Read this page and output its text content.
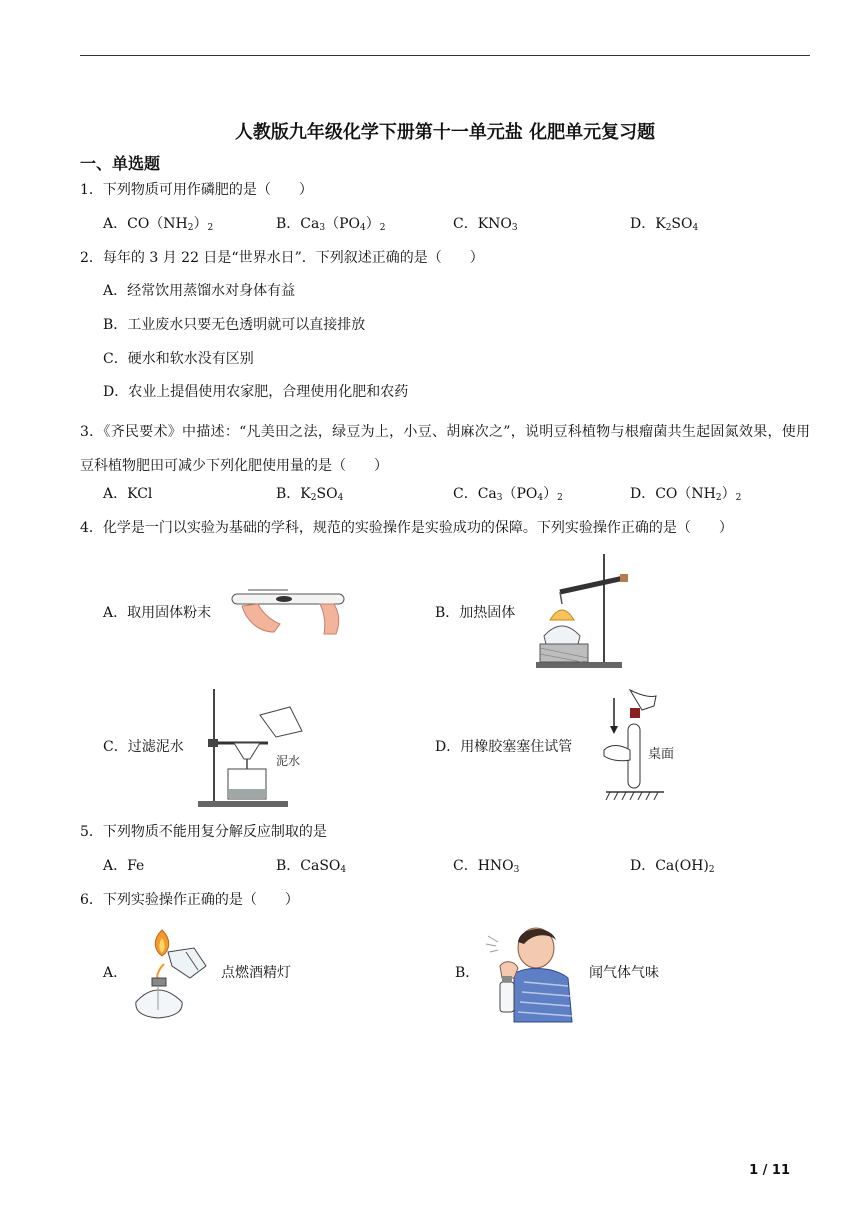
人教版九年级化学下册第十一单元盐 化肥单元复习题
一、单选题
1．下列物质可用作磷肥的是（　　）
A．$CO(NH_2)_2$	B．$Ca_3(PO_4)_2$	C．$KNO_3$	D．$K_2SO_4$
2．每年的 3 月 22 日是“世界水日”．下列叙述正确的是（　　）
A．经常饮用蒸馏水对身体有益
B．工业废水只要无色透明就可以直接排放
C．硬水和软水没有区别
D．农业上提倡使用农家肥，合理使用化肥和农药
3．《齐民要术》中描述：“凡美田之法，绿豆为上，小豆、胡麻次之”，说明豆科植物与根瘤菌共生起固氮效果，使用豆科植物肥田可减少下列化肥使用量的是（　　）
A．KCl	B．$K_2SO_4$	C．$Ca_3(PO_4)_2$	D．$CO(NH_2)_2$
4．化学是一门以实验为基础的学科，规范的实验操作是实验成功的保障。下列实验操作正确的是（　　）
A．取用固体粉末	B．加热固体
C．过滤泥水
泥水
D．用橡胶塞塞住试管	桌面
5．下列物质不能用复分解反应制取的是
A．Fe	B．CaSO$_4$	C．$HNO_3$	D．$Ca(OH)_2$
6．下列实验操作正确的是（　　）
A．	点燃酒精灯	B．	闻气体气味
1 / 11
